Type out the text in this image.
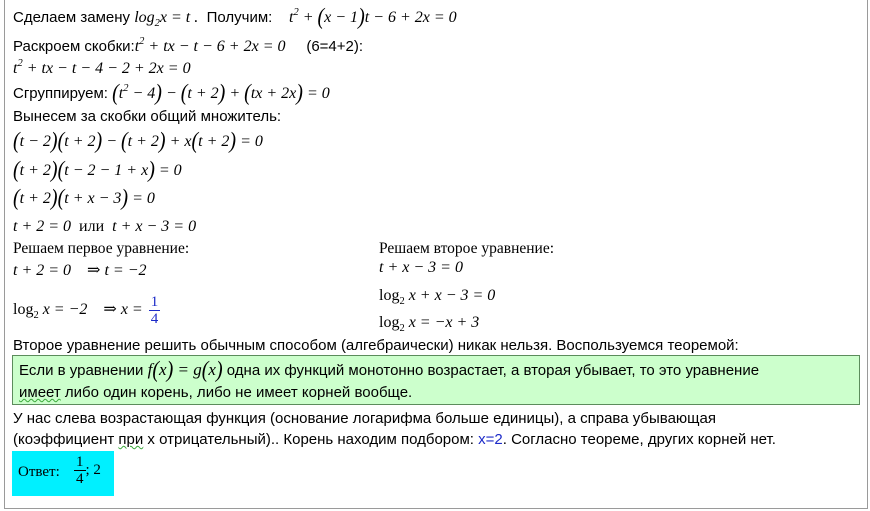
Сделаем замену $\log_2x = t$ . Получим: $t^2 + (x - 1)t - 6 + 2x = 0$
Раскроем $скобки:t^2$ + tx − t − 6 + 2x = 0 (6=4+2):
$t^2$ + tx − t − 4 − 2 + 2x = 0
Сгруппируем: $(t^2 - 4) - (t + 2) + (tx + 2x) = 0$
Вынесем за скобки общий множитель:
(t − 2)(t + 2) − (t + 2) + x(t + 2) = 0
(t + 2)(t − 2 − 1 + x) = 0
(t + 2)(t + x − 3) = 0
t + 2 = 0 или t + x − 3 = 0
Решаем первое уравнение:
t + 2 = 0 ⇒ t = −2
$\log_2 x = -2$ ⇒ $x = \frac{1}{4}$
Решаем второе уравнение:
t + x − 3 = 0
$\log_2 x + x - 3 = 0$
$\log_2 x = -x + 3$
Второе уравнение решить обычным способом (алгебраически) никак нельзя. Воспользуемся теоремой:
Если в уравнении f(x) = g(x) одна их функций монотонно возрастает, а вторая убывает, то это уравнение
имеет либо один корень, либо не имеет корней вообще.
У нас слева возрастающая функция (основание логарифма больше единицы), а справа убывающая
(коэффициент при х отрицательный).. Корень находим подбором: х=2. Согласно теореме, других корней нет.
Ответ: $\frac{1}{4}$ ; 2
